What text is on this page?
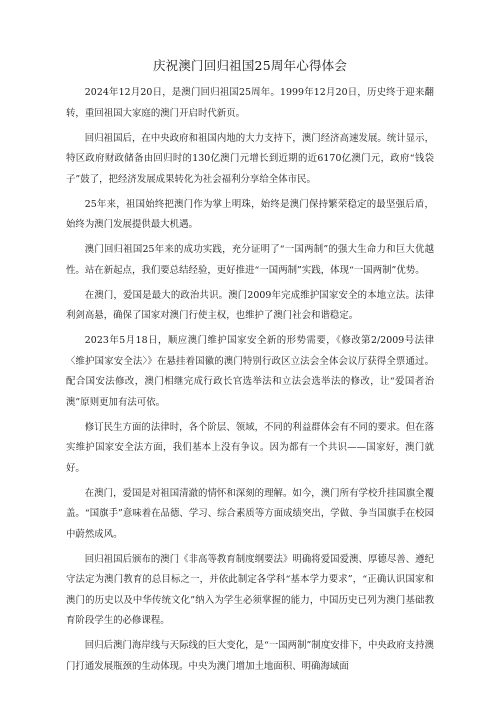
庆祝澳门回归祖国25周年心得体会

2024年12月20日，是澳门回归祖国25周年。1999年12月20日，历史终于迎来翻转，重回祖国大家庭的澳门开启时代新页。

回归祖国后，在中央政府和祖国内地的大力支持下，澳门经济高速发展。统计显示，特区政府财政储备由回归时的130亿澳门元增长到近期的近6170亿澳门元，政府“钱袋子”鼓了，把经济发展成果转化为社会福利分享给全体市民。

25年来，祖国始终把澳门作为掌上明珠，始终是澳门保持繁荣稳定的最坚强后盾，始终为澳门发展提供最大机遇。

澳门回归祖国25年来的成功实践，充分证明了“一国两制”的强大生命力和巨大优越性。站在新起点，我们要总结经验，更好推进“一国两制”实践，体现“一国两制”优势。

在澳门，爱国是最大的政治共识。澳门2009年完成维护国家安全的本地立法。法律利剑高悬，确保了国家对澳门行使主权，也维护了澳门社会和谐稳定。

2023年5月18日，顺应澳门维护国家安全新的形势需要，《修改第2/2009号法律〈维护国家安全法〉》在悬挂着国徽的澳门特别行政区立法会全体会议厅获得全票通过。配合国安法修改，澳门相继完成行政长官选举法和立法会选举法的修改，让“爱国者治澳”原则更加有法可依。

修订民生方面的法律时，各个阶层、领域，不同的利益群体会有不同的要求。但在落实维护国家安全法方面，我们基本上没有争议。因为都有一个共识——国家好，澳门就好。

在澳门，爱国是对祖国清澈的情怀和深刻的理解。如今，澳门所有学校升挂国旗全覆盖。“国旗手”意味着在品德、学习、综合素质等方面成绩突出，学做、争当国旗手在校园中蔚然成风。

回归祖国后颁布的澳门《非高等教育制度纲要法》明确将爱国爱澳、厚德尽善、遵纪守法定为澳门教育的总目标之一，并依此制定各学科“基本学力要求”，“正确认识国家和澳门的历史以及中华传统文化”纳入为学生必须掌握的能力，中国历史已列为澳门基础教育阶段学生的必修课程。

回归后澳门海岸线与天际线的巨大变化，是“一国两制”制度安排下，中央政府支持澳门打通发展瓶颈的生动体现。中央为澳门增加土地面积、明确海域面
